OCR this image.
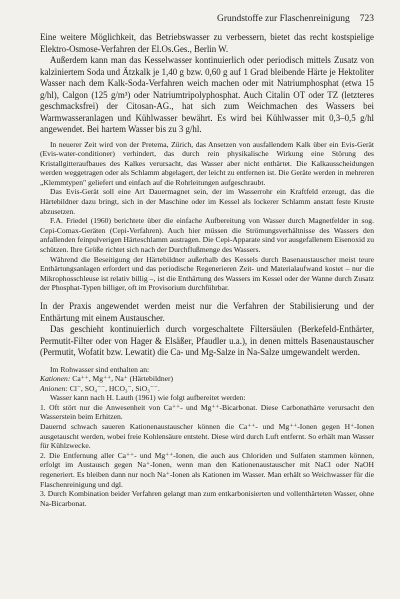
Grundstoffe zur Flaschenreinigung 723

Eine weitere Möglichkeit, das Betriebswasser zu verbessern, bietet das recht kostspielige Elektro-Osmose-Verfahren der El.Os.Ges., Berlin W.

Außerdem kann man das Kesselwasser kontinuierlich oder periodisch mittels Zusatz von kalziniertem Soda und Ätzkalk je 1,40 g bzw. 0,60 g auf 1 Grad bleibende Härte je Hektoliter Wasser nach dem Kalk-Soda-Verfahren weich machen oder mit Natriumphosphat (etwa 15 g/hl), Calgon (125 g/m³) oder Natriumtripolyphosphat. Auch Citalin OT oder TZ (letzteres geschmacksfrei) der Citosan-AG., hat sich zum Weichmachen des Wassers bei Warmwasseranlagen und Kühlwasser bewährt. Es wird bei Kühlwasser mit 0,3–0,5 g/hl angewendet. Bei hartem Wasser bis zu 3 g/hl.

In neuerer Zeit wird von der Pretema, Zürich, das Ansetzen von ausfallendem Kalk über ein Evis-Gerät (Evis-water-conditioner) verhindert, das durch rein physikalische Wirkung eine Störung des Kristallgitteraufbaues des Kalkes verursacht, das Wasser aber nicht enthärtet. Die Kalkausscheidungen werden weggetragen oder als Schlamm abgelagert, der leicht zu entfernen ist. Die Geräte werden in mehreren „Klemmtypen" geliefert und einfach auf die Rohrleitungen aufgeschraubt.

Das Evis-Gerät soll eine Art Dauermagnet sein, der im Wasserrohr ein Kraftfeld erzeugt, das die Härtebildner dazu bringt, sich in der Maschine oder im Kessel als lockerer Schlamm anstatt feste Kruste abzusetzen.

F.A. Friedel (1960) berichtete über die einfache Aufbereitung von Wasser durch Magnetfelder in sog. Cepi-Comax-Geräten (Cepi-Verfahren). Auch hier müssen die Strömungsverhältnisse des Wassers den anfallenden feinpulverigen Härteschlamm austragen. Die Cepi-Apparate sind vor ausgefallenem Eisenoxid zu schützen. Ihre Größe richtet sich nach der Durchflußmenge des Wassers.

Während die Beseitigung der Härtebildner außerhalb des Kessels durch Basenaustauscher meist teure Enthärtungsanlagen erfordert und das periodische Regenerieren Zeit- und Materialaufwand kostet – nur die Mikrophosschleuse ist relativ billig –, ist die Enthärtung des Wassers im Kessel oder der Wanne durch Zusatz der Phosphat-Typen billiger, oft im Provisorium durchführbar.

In der Praxis angewendet werden meist nur die Verfahren der Stabilisierung und der Enthärtung mit einem Austauscher.

Das geschieht kontinuierlich durch vorgeschaltete Filtersäulen (Berkefeld-Enthärter, Permutit-Filter oder von Hager & Elsäßer, Pfaudler u.a.), in denen mittels Basenaustauscher (Permutit, Wofatit bzw. Lewatit) die Ca- und Mg-Salze in Na-Salze umgewandelt werden.

Im Rohwasser sind enthalten an:

Kationen: Ca⁺⁺, Mg⁺⁺, Na⁺ (Härtebildner)

Anionen: Cl⁻, SO₄⁻⁻, HCO₃⁻, SiO₃⁻⁻.

Wasser kann nach H. Lauth (1961) wie folgt aufbereitet werden:

1. Oft stört nur die Anwesenheit von Ca⁺⁺- und Mg⁺⁺-Bicarbonat. Diese Carbonathärte verursacht den Wasserstein beim Erhitzen.

Dauernd schwach saueren Kationenaustauscher können die Ca⁺⁺- und Mg⁺⁺-Ionen gegen H⁺-Ionen ausgetauscht werden, wobei freie Kohlensäure entsteht. Diese wird durch Luft entfernt. So erhält man Wasser für Kühlzwecke.

2. Die Entfernung aller Ca⁺⁺- und Mg⁺⁺-Ionen, die auch aus Chloriden und Sulfaten stammen können, erfolgt im Austausch gegen Na⁺-Ionen, wenn man den Kationenaustauscher mit NaCl oder NaOH regeneriert. Es bleiben dann nur noch Na⁺-Ionen als Kationen im Wasser. Man erhält so Weichwasser für die Flaschenreinigung und dgl.

3. Durch Kombination beider Verfahren gelangt man zum entkarbonisierten und vollenthärteten Wasser, ohne Na-Bicarbonat.
